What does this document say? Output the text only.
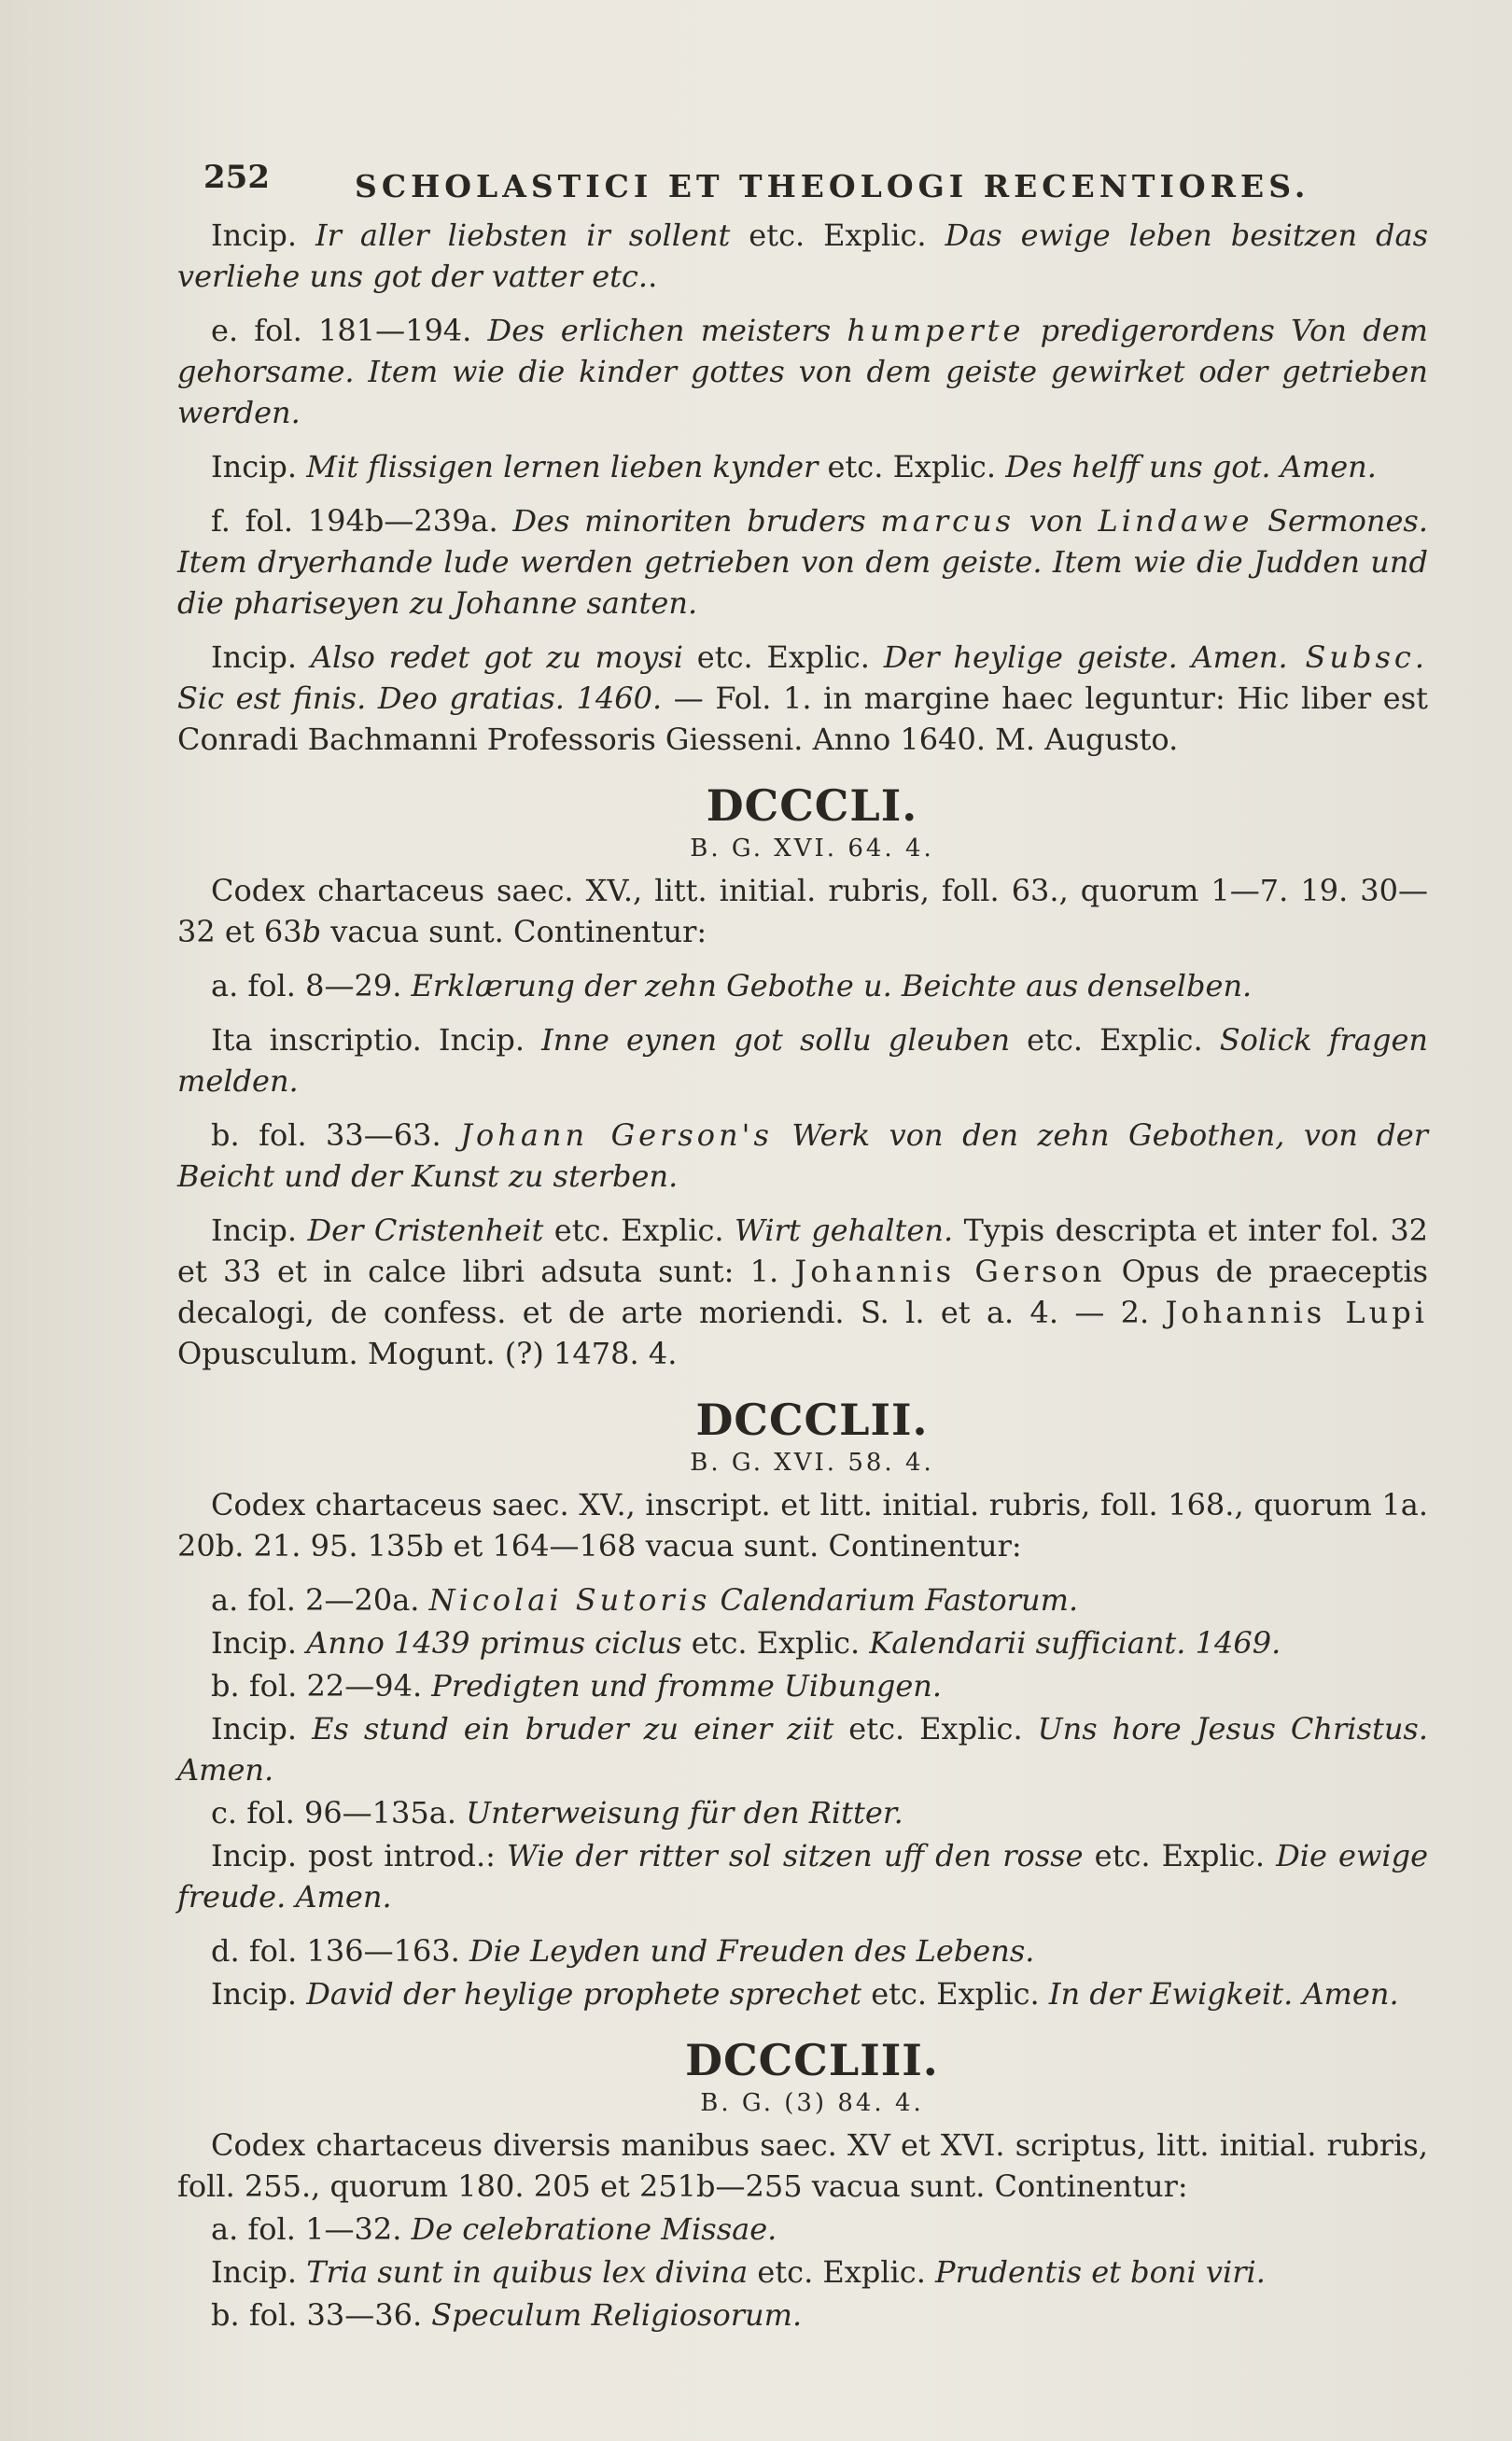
252	SCHOLASTICI ET THEOLOGI RECENTIORES.

Incip. Ir aller liebsten ir sollent etc. Explic. Das ewige leben besitzen das verliehe uns got der vatter etc..

e. fol. 181—194. Des erlichen meisters humperte predigerordens Von dem gehorsame. Item wie die kinder gottes von dem geiste gewirket oder getrieben werden.

Incip. Mit flissigen lernen lieben kynder etc. Explic. Des helff uns got. Amen.

f. fol. 194b—239a. Des minoriten bruders marcus von Lindawe Sermones. Item dryerhande lude werden getrieben von dem geiste. Item wie die Judden und die phariseyen zu Johanne santen.

Incip. Also redet got zu moysi etc. Explic. Der heylige geiste. Amen. Subsc. Sic est finis. Deo gratias. 1460. — Fol. 1. in margine haec leguntur: Hic liber est Conradi Bachmanni Professoris Giesseni. Anno 1640. M. Augusto.

DCCCLI.
B. G. XVI. 64. 4.

Codex chartaceus saec. XV., litt. initial. rubris, foll. 63., quorum 1—7. 19. 30—32 et 63b vacua sunt. Continentur:

a. fol. 8—29. Erklærung der zehn Gebothe u. Beichte aus denselben.

Ita inscriptio. Incip. Inne eynen got sollu gleuben etc. Explic. Solick fragen melden.

b. fol. 33—63. Johann Gerson's Werk von den zehn Gebothen, von der Beicht und der Kunst zu sterben.

Incip. Der Cristenheit etc. Explic. Wirt gehalten. Typis descripta et inter fol. 32 et 33 et in calce libri adsuta sunt: 1. Johannis Gerson Opus de praeceptis decalogi, de confess. et de arte moriendi. S. l. et a. 4. — 2. Johannis Lupi Opusculum. Mogunt. (?) 1478. 4.

DCCCLII.
B. G. XVI. 58. 4.

Codex chartaceus saec. XV., inscript. et litt. initial. rubris, foll. 168., quorum 1a. 20b. 21. 95. 135b et 164—168 vacua sunt. Continentur:

a. fol. 2—20a. Nicolai Sutoris Calendarium Fastorum.

Incip. Anno 1439 primus ciclus etc. Explic. Kalendarii sufficiant. 1469.

b. fol. 22—94. Predigten und fromme Uibungen.

Incip. Es stund ein bruder zu einer ziit etc. Explic. Uns hore Jesus Christus. Amen.

c. fol. 96—135a. Unterweisung für den Ritter.

Incip. post introd.: Wie der ritter sol sitzen uff den rosse etc. Explic. Die ewige freude. Amen.

d. fol. 136—163. Die Leyden und Freuden des Lebens.

Incip. David der heylige prophete sprechet etc. Explic. In der Ewigkeit. Amen.

DCCCLIII.
B. G. (3) 84. 4.

Codex chartaceus diversis manibus saec. XV et XVI. scriptus, litt. initial. rubris, foll. 255., quorum 180. 205 et 251b—255 vacua sunt. Continentur:

a. fol. 1—32. De celebratione Missae.

Incip. Tria sunt in quibus lex divina etc. Explic. Prudentis et boni viri.

b. fol. 33—36. Speculum Religiosorum.
